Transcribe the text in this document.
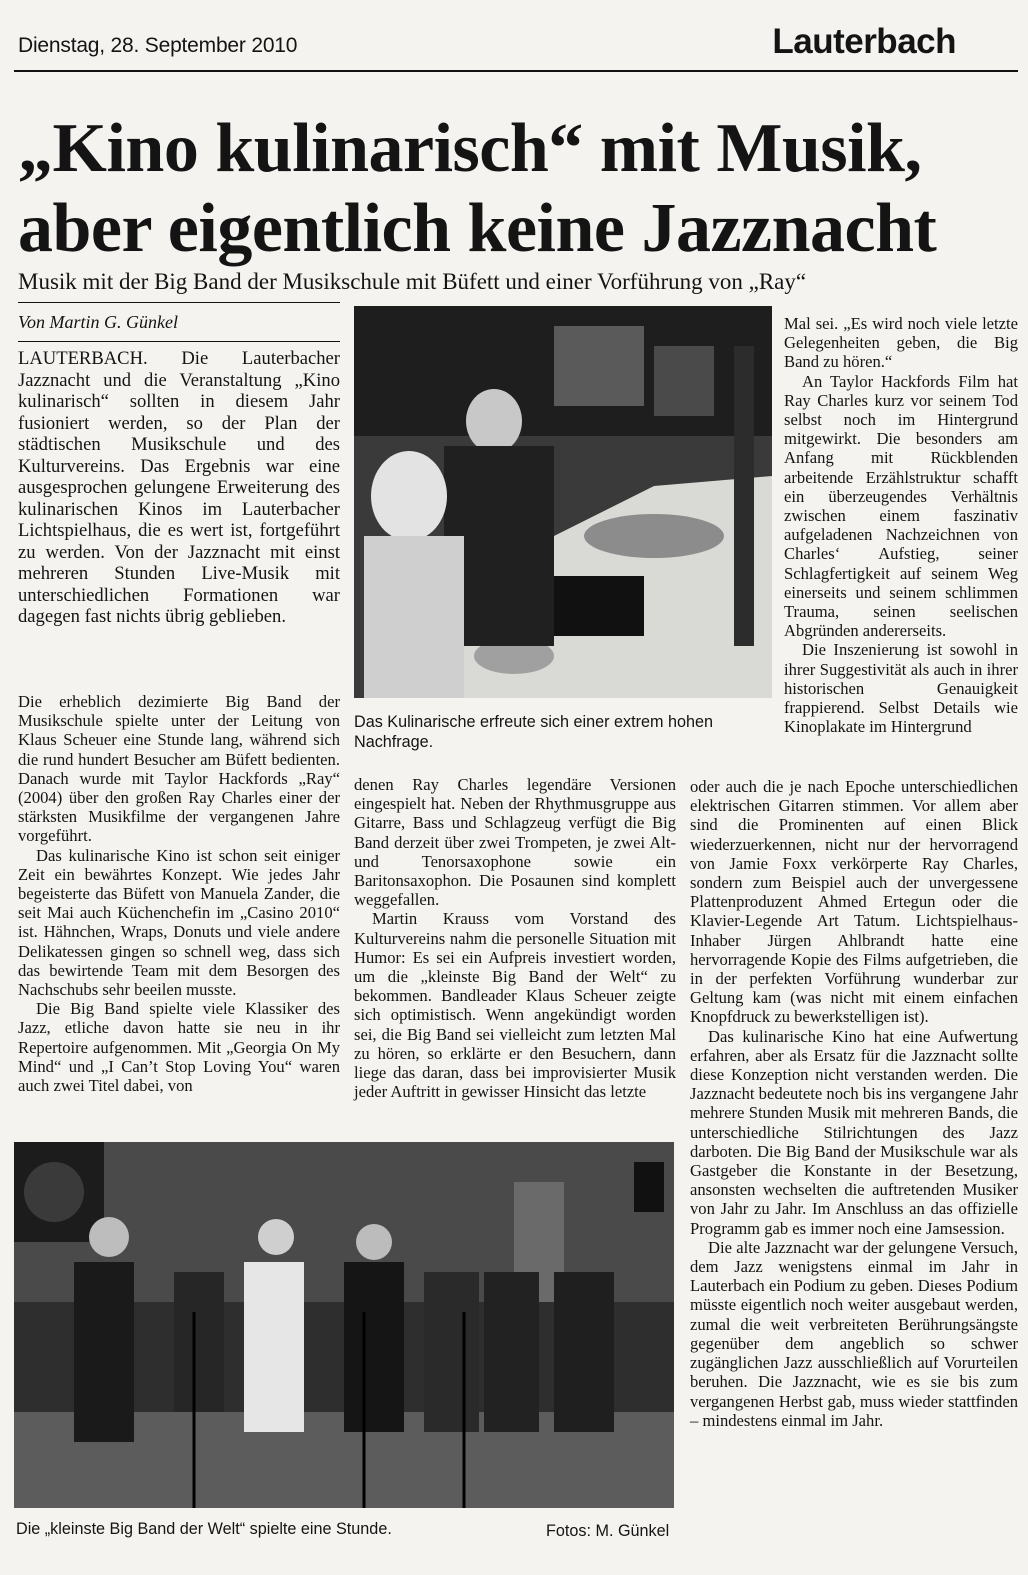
Dienstag, 28. September 2010	Lauterbach
„Kino kulinarisch“ mit Musik,
aber eigentlich keine Jazznacht
Musik mit der Big Band der Musikschule mit Büfett und einer Vorführung von „Ray“
Von Martin G. Günkel

LAUTERBACH. Die Lauterbacher Jazznacht und die Veranstaltung „Kino kulinarisch“ sollten in diesem Jahr fusioniert werden, so der Plan der städtischen Musikschule und des Kulturvereins. Das Ergebnis war eine ausgesprochen gelungene Erweiterung des kulinarischen Kinos im Lauterbacher Lichtspielhaus, die es wert ist, fortgeführt zu werden. Von der Jazznacht mit einst mehreren Stunden Live-Musik mit unterschiedlichen Formationen war dagegen fast nichts übrig geblieben.

Die erheblich dezimierte Big Band der Musikschule spielte unter der Leitung von Klaus Scheuer eine Stunde lang, während sich die rund hundert Besucher am Büfett bedienten. Danach wurde mit Taylor Hackfords „Ray“ (2004) über den großen Ray Charles einer der stärksten Musikfilme der vergangenen Jahre vorgeführt.

Das kulinarische Kino ist schon seit einiger Zeit ein bewährtes Konzept. Wie jedes Jahr begeisterte das Büfett von Manuela Zander, die seit Mai auch Küchenchefin im „Casino 2010“ ist. Hähnchen, Wraps, Donuts und viele andere Delikatessen gingen so schnell weg, dass sich das bewirtende Team mit dem Besorgen des Nachschubs sehr beeilen musste.

Die Big Band spielte viele Klassiker des Jazz, etliche davon hatte sie neu in ihr Repertoire aufgenommen. Mit „Georgia On My Mind“ und „I Can’t Stop Loving You“ waren auch zwei Titel dabei, von

Das Kulinarische erfreute sich einer extrem hohen Nachfrage.

denen Ray Charles legendäre Versionen eingespielt hat. Neben der Rhythmusgruppe aus Gitarre, Bass und Schlagzeug verfügt die Big Band derzeit über zwei Trompeten, je zwei Alt- und Tenorsaxophone sowie ein Baritonsaxophon. Die Posaunen sind komplett weggefallen.

Martin Krauss vom Vorstand des Kulturvereins nahm die personelle Situation mit Humor: Es sei ein Aufpreis investiert worden, um die „kleinste Big Band der Welt“ zu bekommen. Bandleader Klaus Scheuer zeigte sich optimistisch. Wenn angekündigt worden sei, die Big Band sei vielleicht zum letzten Mal zu hören, so erklärte er den Besuchern, dann liege das daran, dass bei improvisierter Musik jeder Auftritt in gewisser Hinsicht das letzte

Mal sei. „Es wird noch viele letzte Gelegenheiten geben, die Big Band zu hören.“

An Taylor Hackfords Film hat Ray Charles kurz vor seinem Tod selbst noch im Hintergrund mitgewirkt. Die besonders am Anfang mit Rückblenden arbeitende Erzählstruktur schafft ein überzeugendes Verhältnis zwischen einem faszinativ aufgeladenen Nachzeichnen von Charles‘ Aufstieg, seiner Schlagfertigkeit auf seinem Weg einerseits und seinem schlimmen Trauma, seinen seelischen Abgründen andererseits.

Die Inszenierung ist sowohl in ihrer Suggestivität als auch in ihrer historischen Genauigkeit frappierend. Selbst Details wie Kinoplakate im Hintergrund

oder auch die je nach Epoche unterschiedlichen elektrischen Gitarren stimmen. Vor allem aber sind die Prominenten auf einen Blick wiederzuerkennen, nicht nur der hervorragend von Jamie Foxx verkörperte Ray Charles, sondern zum Beispiel auch der unvergessene Plattenproduzent Ahmed Ertegun oder die Klavier-Legende Art Tatum. Lichtspielhaus-Inhaber Jürgen Ahlbrandt hatte eine hervorragende Kopie des Films aufgetrieben, die in der perfekten Vorführung wunderbar zur Geltung kam (was nicht mit einem einfachen Knopfdruck zu bewerkstelligen ist).

Das kulinarische Kino hat eine Aufwertung erfahren, aber als Ersatz für die Jazznacht sollte diese Konzeption nicht verstanden werden. Die Jazznacht bedeutete noch bis ins vergangene Jahr mehrere Stunden Musik mit mehreren Bands, die unterschiedliche Stilrichtungen des Jazz darboten. Die Big Band der Musikschule war als Gastgeber die Konstante in der Besetzung, ansonsten wechselten die auftretenden Musiker von Jahr zu Jahr. Im Anschluss an das offizielle Programm gab es immer noch eine Jamsession.

Die alte Jazznacht war der gelungene Versuch, dem Jazz wenigstens einmal im Jahr in Lauterbach ein Podium zu geben. Dieses Podium müsste eigentlich noch weiter ausgebaut werden, zumal die weit verbreiteten Berührungsängste gegenüber dem angeblich so schwer zugänglichen Jazz ausschließlich auf Vorurteilen beruhen. Die Jazznacht, wie es sie bis zum vergangenen Herbst gab, muss wieder stattfinden – mindestens einmal im Jahr.

Die „kleinste Big Band der Welt“ spielte eine Stunde.	Fotos: M. Günkel
